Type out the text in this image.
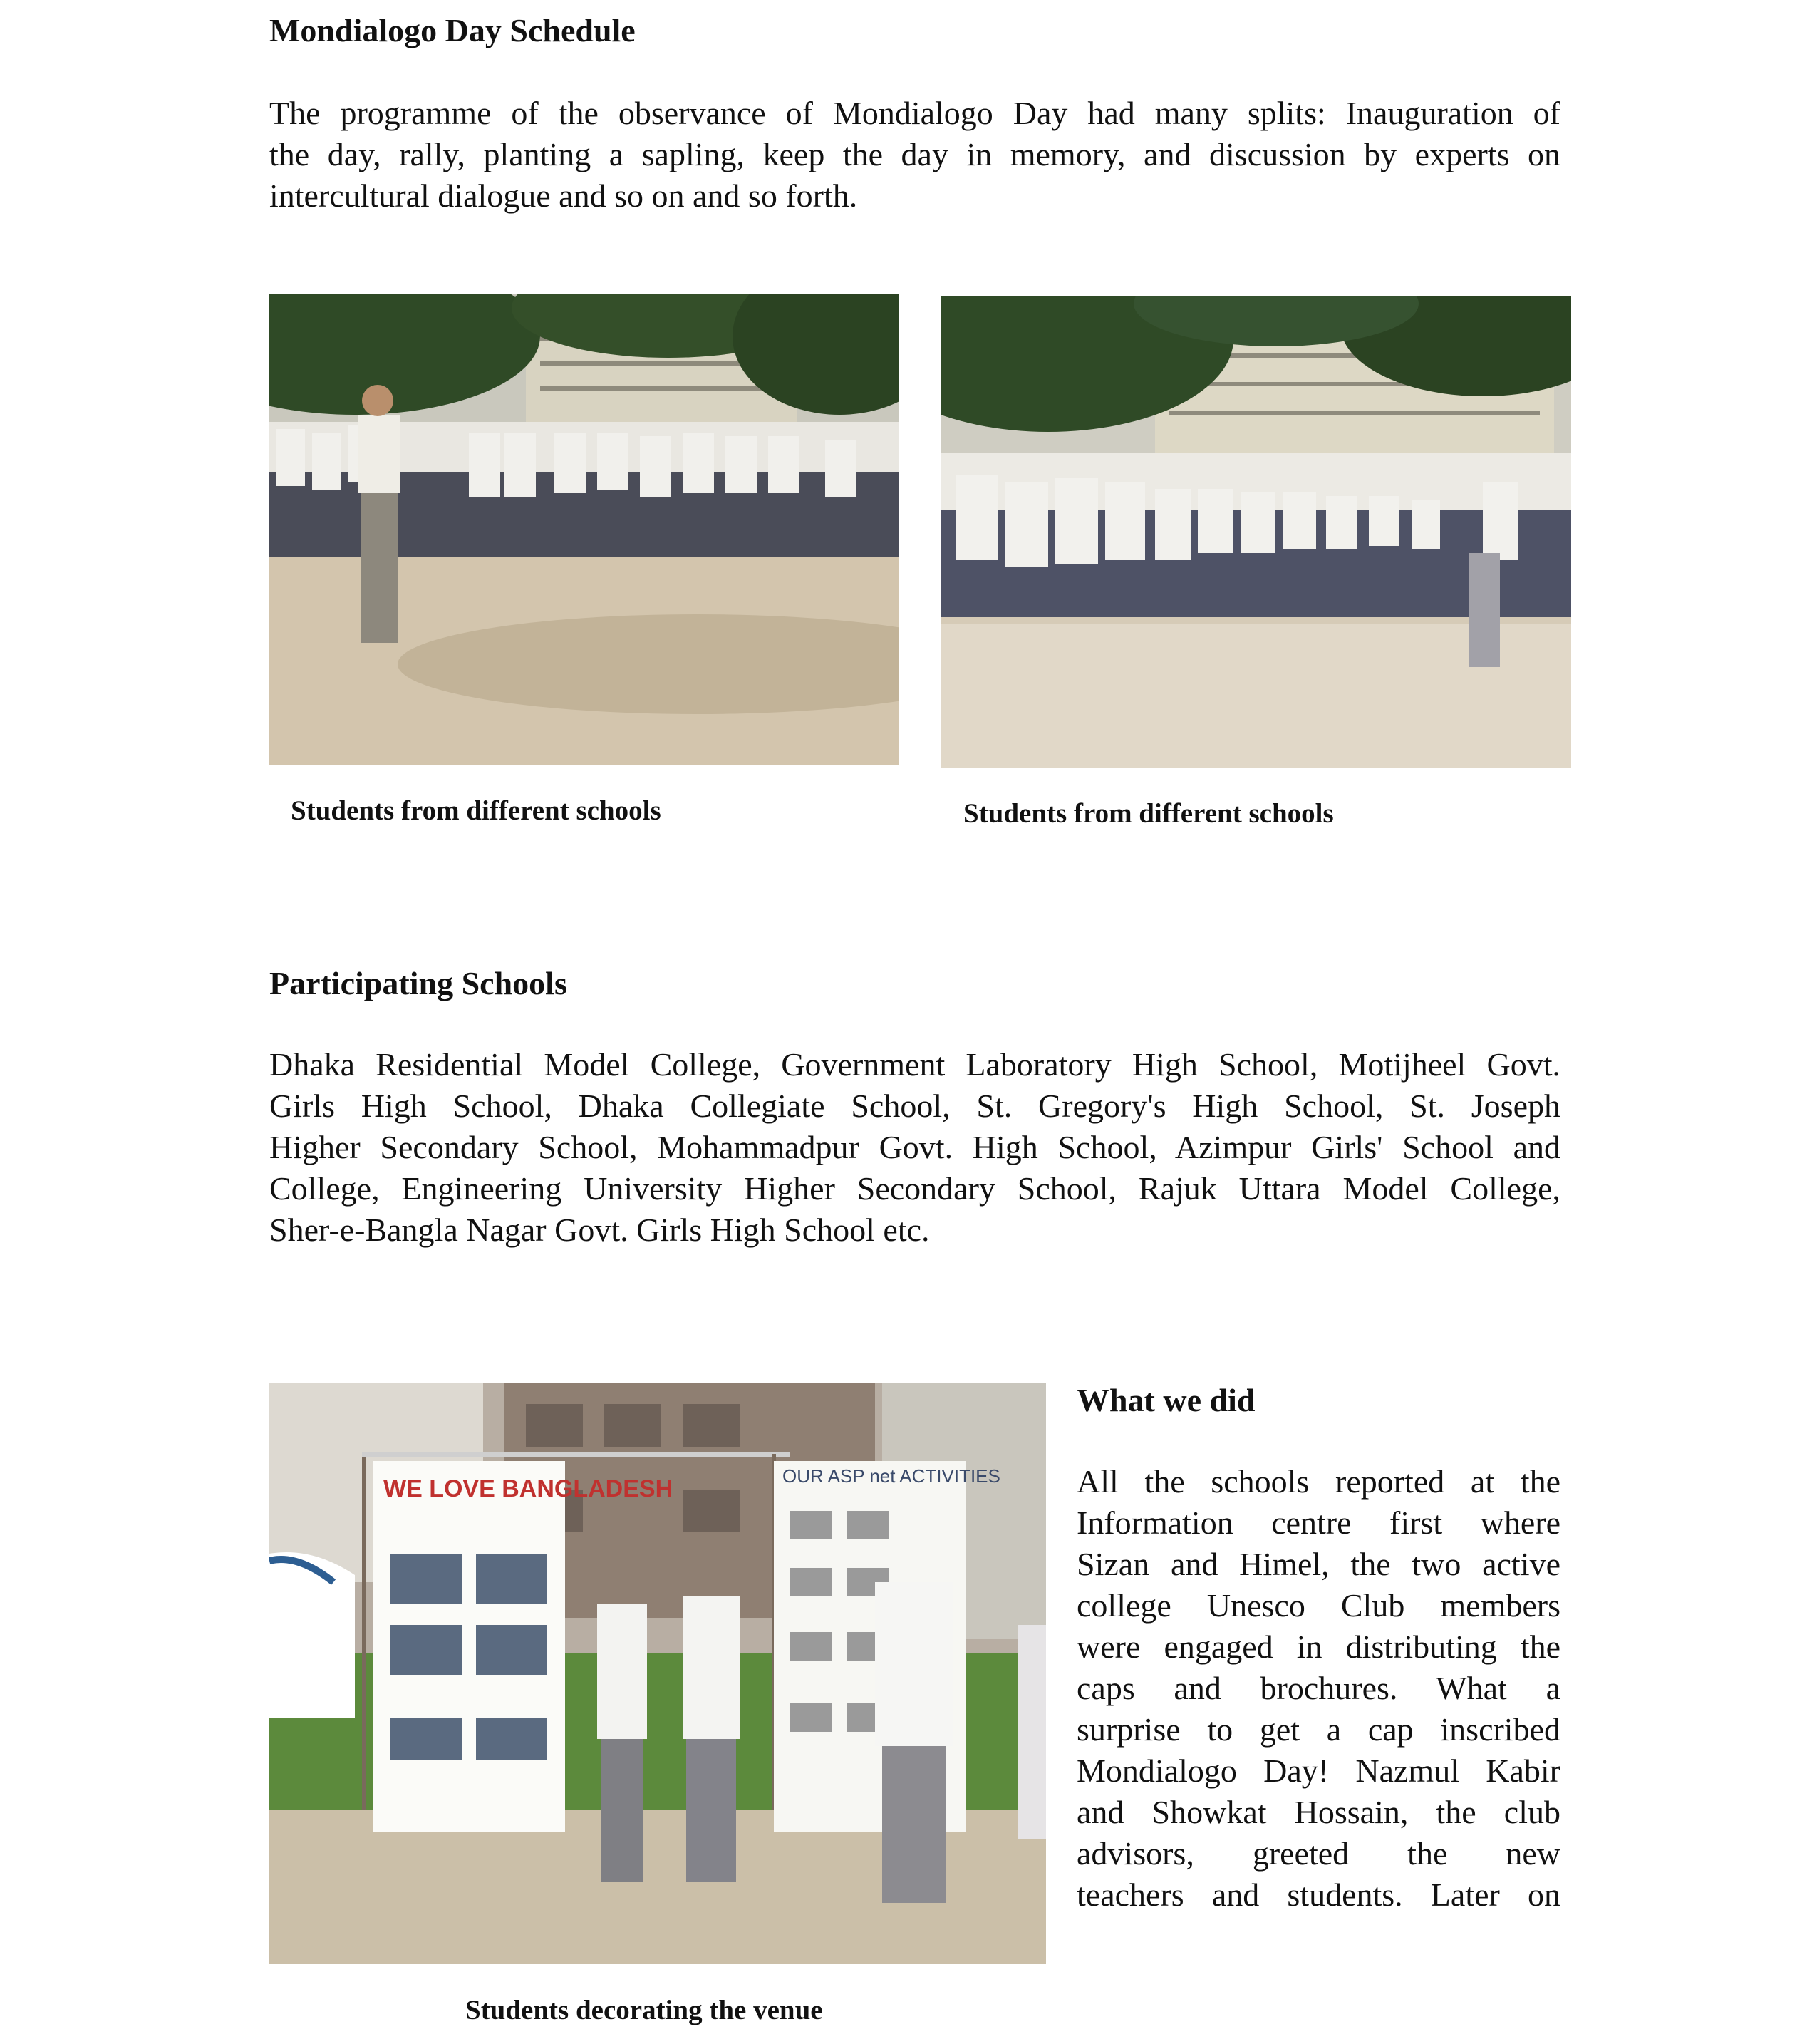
Mondialogo Day Schedule
The programme of the observance of Mondialogo Day had many splits: Inauguration of
the day, rally, planting a sapling, keep the day in memory, and discussion by experts on
intercultural dialogue and so on and so forth.
Students from different schools	Students from different schools
Participating Schools
Dhaka Residential Model College, Government Laboratory High School, Motijheel Govt.
Girls High School, Dhaka Collegiate School, St. Gregory's High School, St. Joseph
Higher Secondary School, Mohammadpur Govt. High School, Azimpur Girls' School and
College, Engineering University Higher Secondary School, Rajuk Uttara Model College,
Sher-e-Bangla Nagar Govt. Girls High School etc.
WE LOVE BANGLADESH	OUR ASP net ACTIVITIES
What we did
All the schools reported at the
Information centre first where
Sizan and Himel, the two active
college Unesco Club members
were engaged in distributing the
caps and brochures. What a
surprise to get a cap inscribed
Mondialogo Day! Nazmul Kabir
and Showkat Hossain, the club
advisors, greeted the new
teachers and students. Later on
Students decorating the venue
